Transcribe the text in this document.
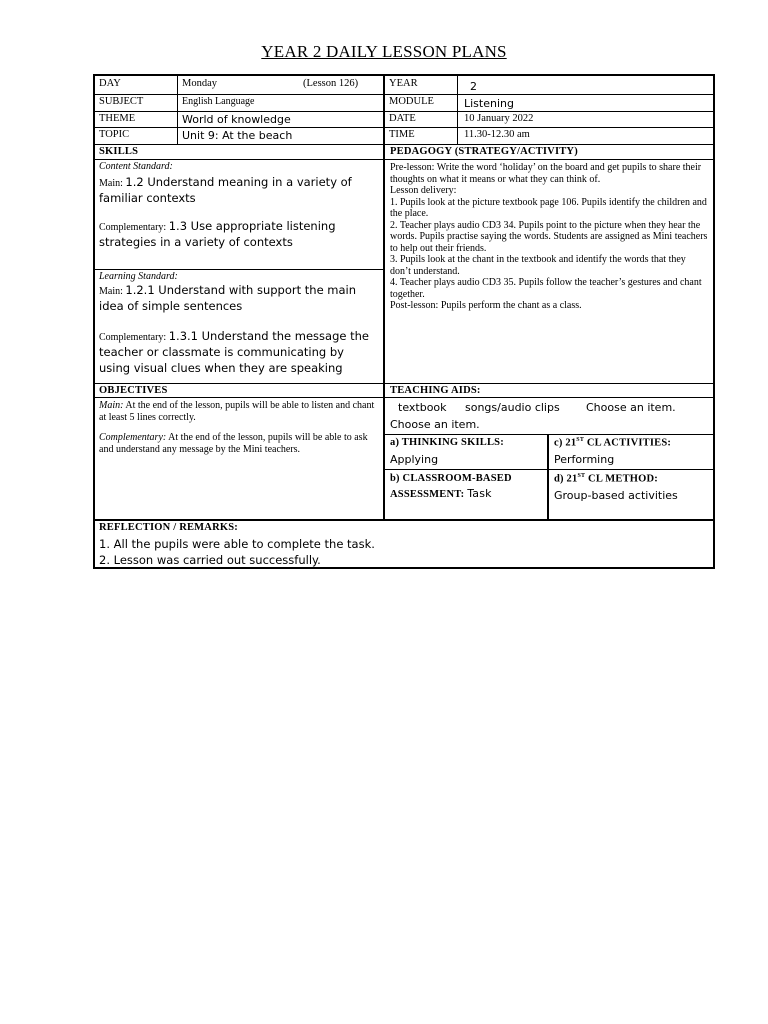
YEAR 2 DAILY LESSON PLANS
DAY	Monday	(Lesson 126)	YEAR	2
SUBJECT	English Language	MODULE	Listening
THEME	World of knowledge	DATE	10 January 2022
TOPIC	Unit 9: At the beach	TIME	11.30-12.30 am
SKILLS	PEDAGOGY (STRATEGY/ACTIVITY)
Content Standard:
Main: 1.2 Understand meaning in a variety of familiar contexts
Complementary: 1.3 Use appropriate listening strategies in a variety of contexts
Learning Standard:
Main: 1.2.1 Understand with support the main idea of simple sentences
Complementary: 1.3.1 Understand the message the teacher or classmate is communicating by using visual clues when they are speaking
Pre-lesson: Write the word ‘holiday’ on the board and get pupils to share their thoughts on what it means or what they can think of.
Lesson delivery:
1. Pupils look at the picture textbook page 106. Pupils identify the children and the place.
2. Teacher plays audio CD3 34. Pupils point to the picture when they hear the words. Pupils practise saying the words. Students are assigned as Mini teachers to help out their friends.
3. Pupils look at the chant in the textbook and identify the words that they don’t understand.
4. Teacher plays audio CD3 35. Pupils follow the teacher’s gestures and chant together.
Post-lesson: Pupils perform the chant as a class.
OBJECTIVES	TEACHING AIDS:
Main: At the end of the lesson, pupils will be able to listen and chant at least 5 lines correctly.
Complementary: At the end of the lesson, pupils will be able to ask and understand any message by the Mini teachers.
textbook songs/audio clips Choose an item.
Choose an item.
a) THINKING SKILLS:
Applying
c) 21ST CL ACTIVITIES:
Performing
b) CLASSROOM-BASED
ASSESSMENT: Task
d) 21ST CL METHOD:
Group-based activities
REFLECTION / REMARKS:
1. All the pupils were able to complete the task.
2. Lesson was carried out successfully.
